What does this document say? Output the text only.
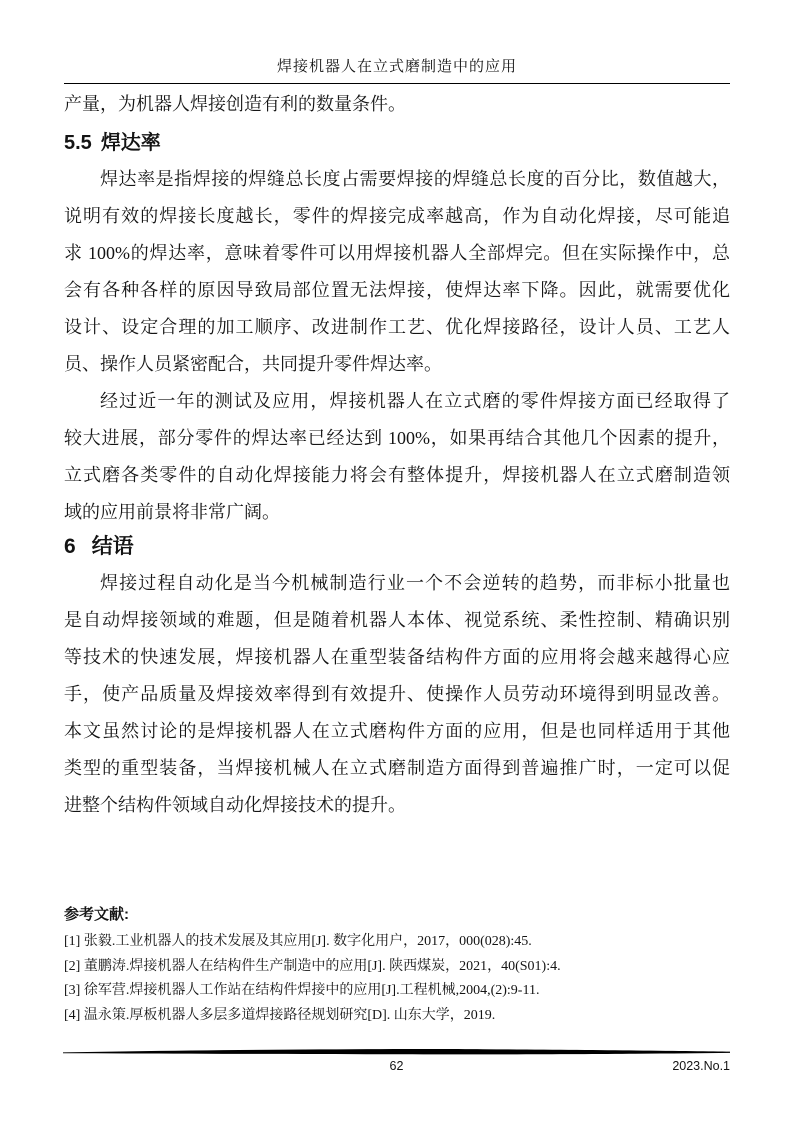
焊接机器人在立式磨制造中的应用
产量，为机器人焊接创造有利的数量条件。
5.5 焊达率
焊达率是指焊接的焊缝总长度占需要焊接的焊缝总长度的百分比，数值越大，
说明有效的焊接长度越长，零件的焊接完成率越高，作为自动化焊接，尽可能追
求 100%的焊达率，意味着零件可以用焊接机器人全部焊完。但在实际操作中，总
会有各种各样的原因导致局部位置无法焊接，使焊达率下降。因此，就需要优化
设计、设定合理的加工顺序、改进制作工艺、优化焊接路径，设计人员、工艺人
员、操作人员紧密配合，共同提升零件焊达率。
经过近一年的测试及应用，焊接机器人在立式磨的零件焊接方面已经取得了
较大进展，部分零件的焊达率已经达到 100%，如果再结合其他几个因素的提升，
立式磨各类零件的自动化焊接能力将会有整体提升，焊接机器人在立式磨制造领
域的应用前景将非常广阔。
6 结语
焊接过程自动化是当今机械制造行业一个不会逆转的趋势，而非标小批量也
是自动焊接领域的难题，但是随着机器人本体、视觉系统、柔性控制、精确识别
等技术的快速发展，焊接机器人在重型装备结构件方面的应用将会越来越得心应
手，使产品质量及焊接效率得到有效提升、使操作人员劳动环境得到明显改善。
本文虽然讨论的是焊接机器人在立式磨构件方面的应用，但是也同样适用于其他
类型的重型装备，当焊接机械人在立式磨制造方面得到普遍推广时，一定可以促
进整个结构件领域自动化焊接技术的提升。
参考文献:
[1] 张毅.工业机器人的技术发展及其应用[J]. 数字化用户，2017，000(028):45.
[2] 董鹏涛.焊接机器人在结构件生产制造中的应用[J]. 陕西煤炭，2021，40(S01):4.
[3] 徐军营.焊接机器人工作站在结构件焊接中的应用[J].工程机械,2004,(2):9-11.
[4] 温永策.厚板机器人多层多道焊接路径规划研究[D]. 山东大学，2019.
62	2023.No.1
